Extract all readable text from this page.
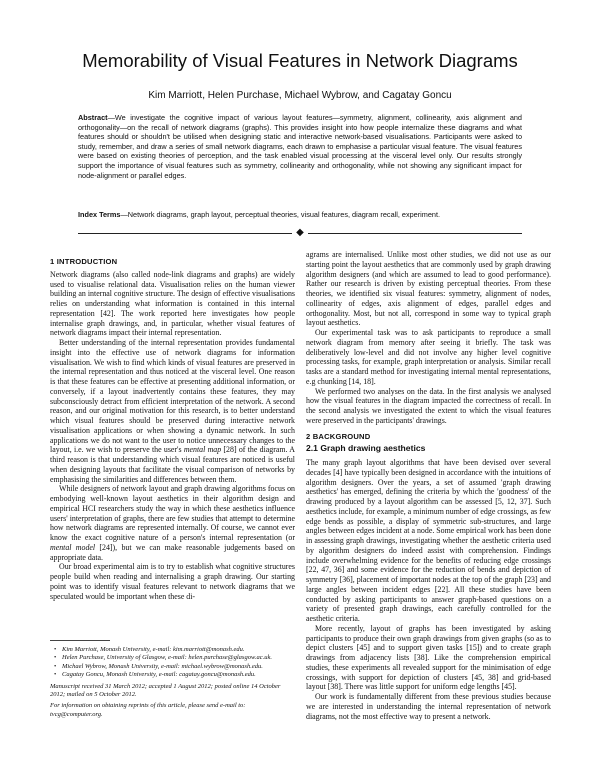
Memorability of Visual Features in Network Diagrams
Kim Marriott, Helen Purchase, Michael Wybrow, and Cagatay Goncu
Abstract—We investigate the cognitive impact of various layout features—symmetry, alignment, collinearity, axis alignment and orthogonality—on the recall of network diagrams (graphs). This provides insight into how people internalize these diagrams and what features should or shouldn't be utilised when designing static and interactive network-based visualisations. Participants were asked to study, remember, and draw a series of small network diagrams, each drawn to emphasise a particular visual feature. The visual features were based on existing theories of perception, and the task enabled visual processing at the visceral level only. Our results strongly support the importance of visual features such as symmetry, collinearity and orthogonality, while not showing any significant impact for node-alignment or parallel edges.
Index Terms—Network diagrams, graph layout, perceptual theories, visual features, diagram recall, experiment.
◆
1 INTRODUCTION

Network diagrams (also called node-link diagrams and graphs) are widely used to visualise relational data. Visualisation relies on the human viewer building an internal cognitive structure. The design of effective visualisations relies on understanding what information is contained in this internal representation [42]. The work reported here investigates how people internalise graph drawings, and, in particular, whether visual features of network diagrams impact their internal representation.

Better understanding of the internal representation provides fundamental insight into the effective use of network diagrams for information visualisation. We wish to find which kinds of visual features are preserved in the internal representation and thus noticed at the visceral level. One reason is that these features can be effective at presenting additional information, or conversely, if a layout inadvertently contains these features, they may subconsciously detract from efficient interpretation of the network. A second reason, and our original motivation for this research, is to better understand which visual features should be preserved during interactive network visualisation applications or when showing a dynamic network. In such applications we do not want to the user to notice unnecessary changes to the layout, i.e. we wish to preserve the user's mental map [28] of the diagram. A third reason is that understanding which visual features are noticed is useful when designing layouts that facilitate the visual comparison of networks by emphasising the similarities and differences between them.

While designers of network layout and graph drawing algorithms focus on embodying well-known layout aesthetics in their algorithm design and empirical HCI researchers study the way in which these aesthetics influence users' interpretation of graphs, there are few studies that attempt to determine how network diagrams are represented internally. Of course, we cannot ever know the exact cognitive nature of a person's internal representation (or mental model [24]), but we can make reasonable judgements based on appropriate data.

Our broad experimental aim is to try to establish what cognitive structures people build when reading and internalising a graph drawing. Our starting point was to identify visual features relevant to network diagrams that we speculated would be important when these di-

• Kim Marriott, Monash University, e-mail: kim.marriott@monash.edu.
• Helen Purchase, University of Glasgow, e-mail: helen.purchase@glasgow.ac.uk.
• Michael Wybrow, Monash University, e-mail: michael.wybrow@monash.edu.
• Cagatay Goncu, Monash University, e-mail: cagatay.goncu@monash.edu.
Manuscript received 31 March 2012; accepted 1 August 2012; posted online 14 October 2012; mailed on 5 October 2012.
For information on obtaining reprints of this article, please send e-mail to: tvcg@computer.org.

agrams are internalised. Unlike most other studies, we did not use as our starting point the layout aesthetics that are commonly used by graph drawing algorithm designers (and which are assumed to lead to good performance). Rather our research is driven by existing perceptual theories. From these theories, we identified six visual features: symmetry, alignment of nodes, collinearity of edges, axis alignment of edges, parallel edges and orthogonality. Most, but not all, correspond in some way to typical graph layout aesthetics.

Our experimental task was to ask participants to reproduce a small network diagram from memory after seeing it briefly. The task was deliberatively low-level and did not involve any higher level cognitive processing tasks, for example, graph interpretation or analysis. Similar recall tasks are a standard method for investigating internal mental representations, e.g chunking [14, 18].

We performed two analyses on the data. In the first analysis we analysed how the visual features in the diagram impacted the correctness of recall. In the second analysis we investigated the extent to which the visual features were preserved in the participants' drawings.

2 BACKGROUND
2.1 Graph drawing aesthetics

The many graph layout algorithms that have been devised over several decades [4] have typically been designed in accordance with the intuitions of algorithm designers. Over the years, a set of assumed 'graph drawing aesthetics' has emerged, defining the criteria by which the 'goodness' of the drawing produced by a layout algorithm can be assessed [5, 12, 37]. Such aesthetics include, for example, a minimum number of edge crossings, as few edge bends as possible, a display of symmetric sub-structures, and large angles between edges incident at a node. Some empirical work has been done in assessing graph drawings, investigating whether the aesthetic criteria used by algorithm designers do indeed assist with comprehension. Findings include overwhelming evidence for the benefits of reducing edge crossings [22, 47, 36] and some evidence for the reduction of bends and depiction of symmetry [36], placement of important nodes at the top of the graph [23] and large angles between incident edges [22]. All these studies have been conducted by asking participants to answer graph-based questions on a variety of presented graph drawings, each carefully controlled for the aesthetic criteria.

More recently, layout of graphs has been investigated by asking participants to produce their own graph drawings from given graphs (so as to depict clusters [45] and to support given tasks [15]) and to create graph drawings from adjacency lists [38]. Like the comprehension empirical studies, these experiments all revealed support for the minimisation of edge crossings, with support for depiction of clusters [45, 38] and grid-based layout [38]. There was little support for uniform edge lengths [45].

Our work is fundamentally different from these previous studies because we are interested in understanding the internal representation of network diagrams, not the most effective way to present a network.
